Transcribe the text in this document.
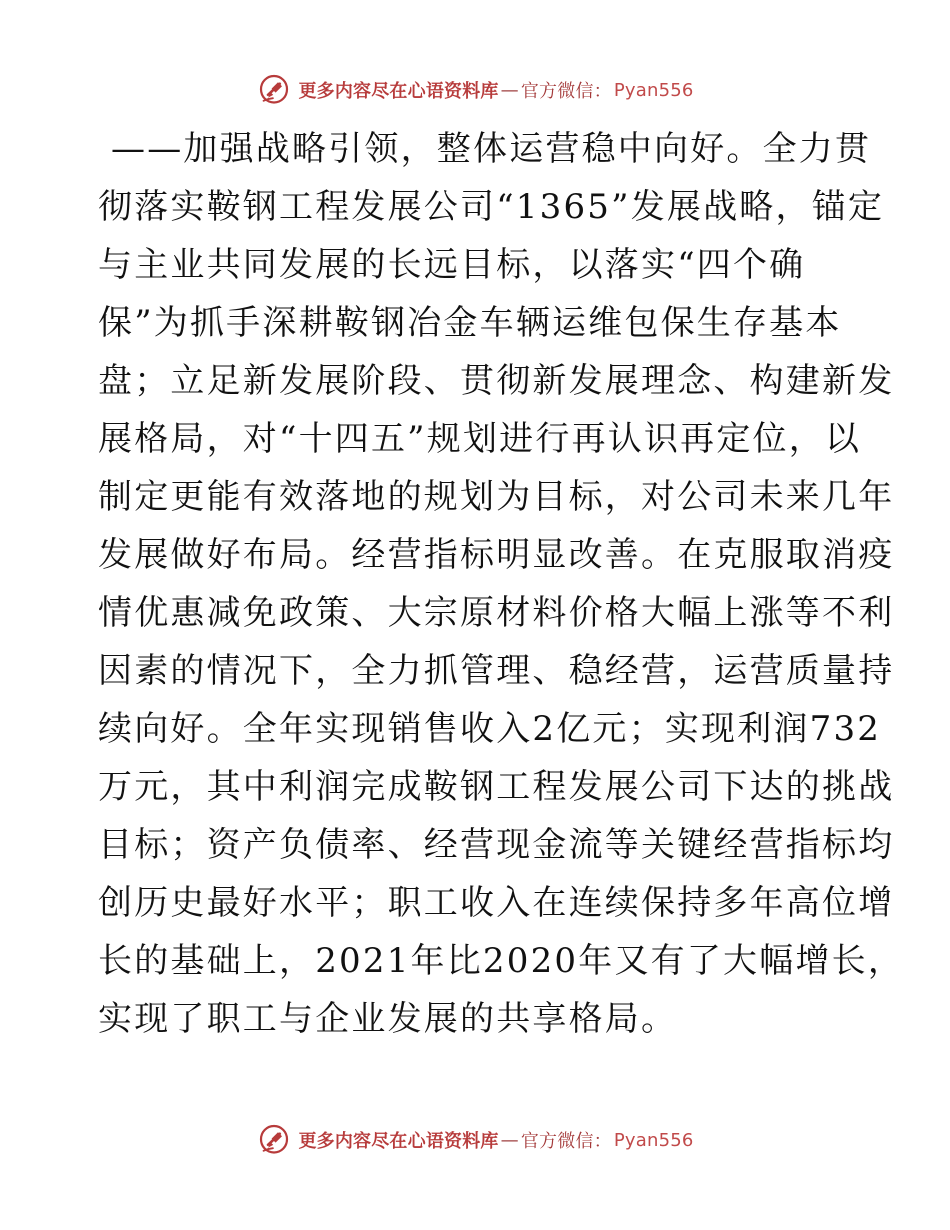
更多内容尽在心语资料库 — 官方微信： Pyan556
——加强战略引领，整体运营稳中向好。全力贯
彻落实鞍钢工程发展公司“1365”发展战略，锚定
与主业共同发展的长远目标，以落实“四个确
保”为抓手深耕鞍钢冶金车辆运维包保生存基本
盘；立足新发展阶段、贯彻新发展理念、构建新发
展格局，对“十四五”规划进行再认识再定位，以
制定更能有效落地的规划为目标，对公司未来几年
发展做好布局。经营指标明显改善。在克服取消疫
情优惠减免政策、大宗原材料价格大幅上涨等不利
因素的情况下，全力抓管理、稳经营，运营质量持
续向好。全年实现销售收入2亿元；实现利润732
万元，其中利润完成鞍钢工程发展公司下达的挑战
目标；资产负债率、经营现金流等关键经营指标均
创历史最好水平；职工收入在连续保持多年高位增
长的基础上，2021年比2020年又有了大幅增长，
实现了职工与企业发展的共享格局。
更多内容尽在心语资料库 — 官方微信： Pyan556
